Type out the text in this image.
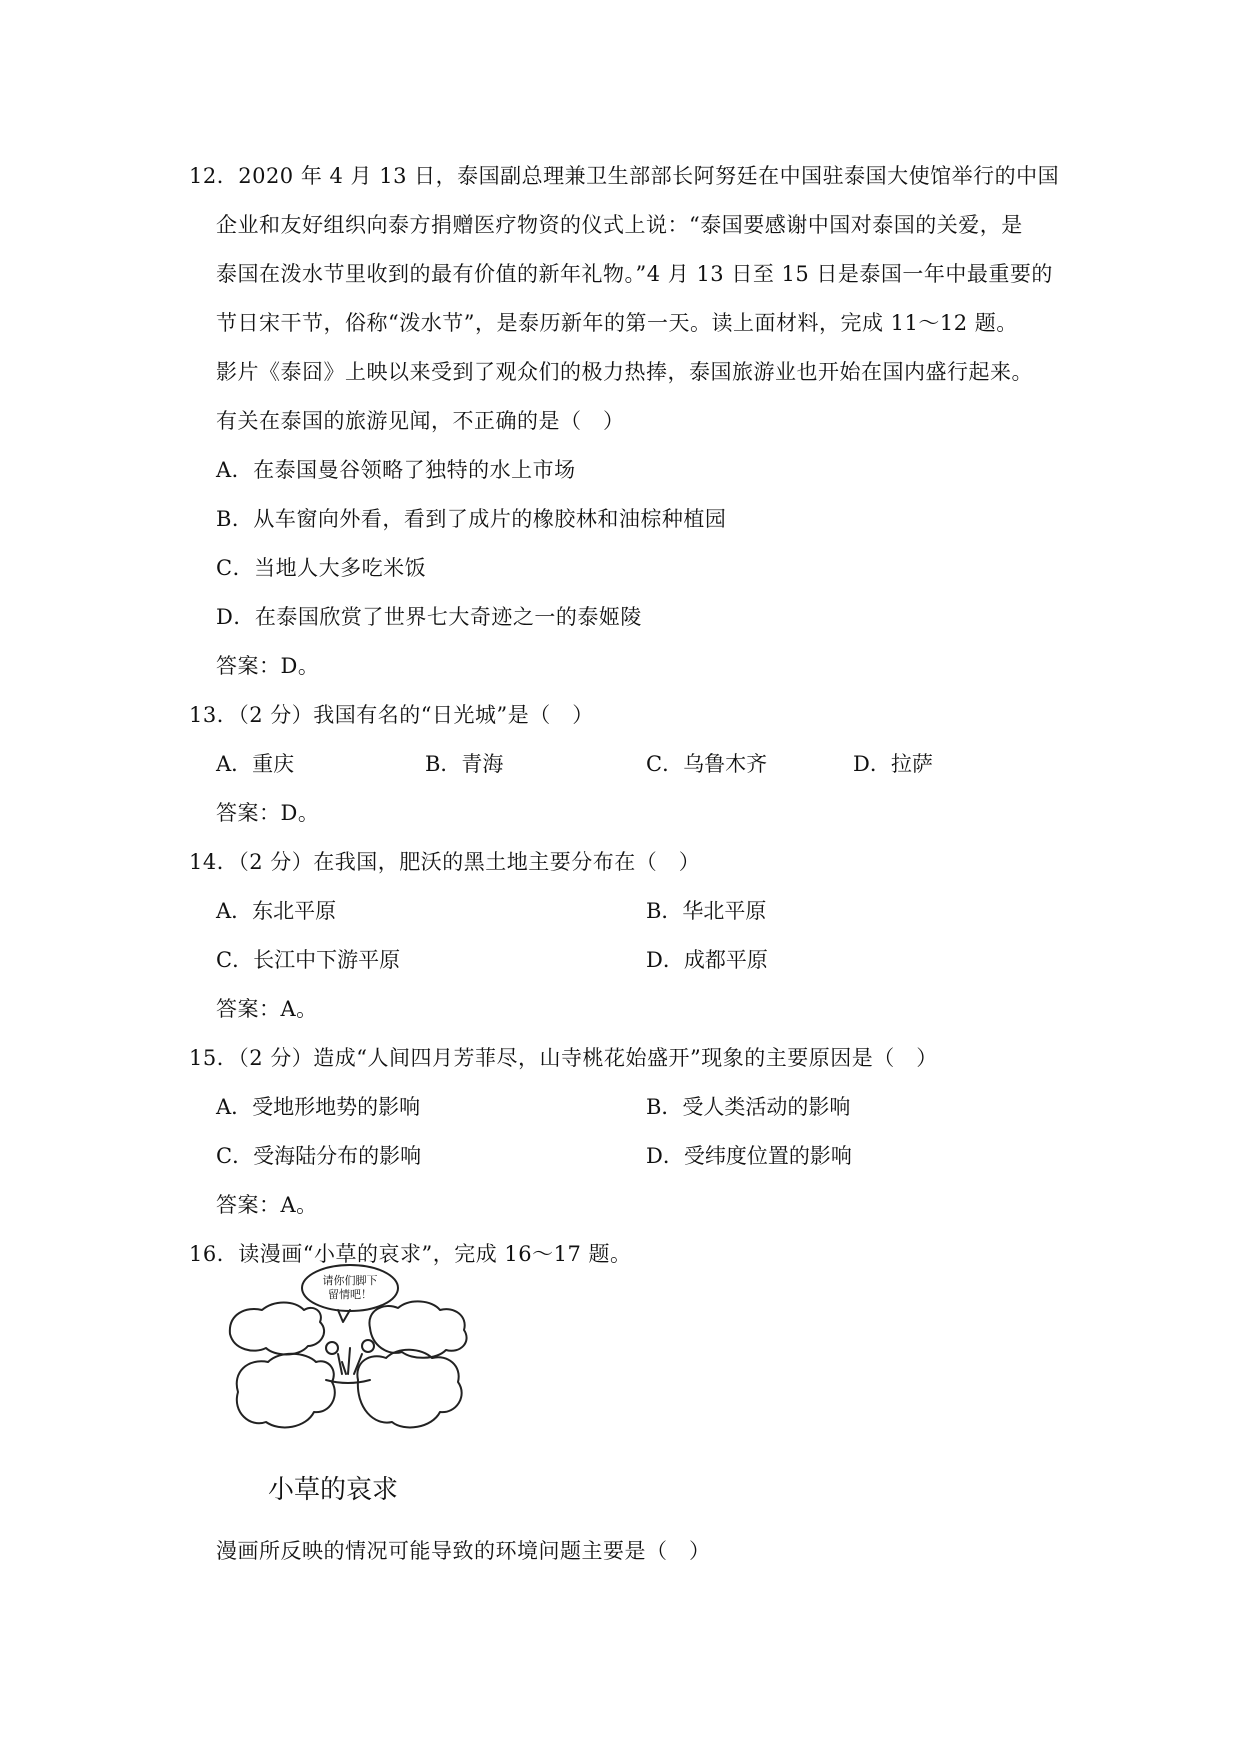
12．2020 年 4 月 13 日，泰国副总理兼卫生部部长阿努廷在中国驻泰国大使馆举行的中国
企业和友好组织向泰方捐赠医疗物资的仪式上说：“泰国要感谢中国对泰国的关爱，是
泰国在泼水节里收到的最有价值的新年礼物。”4 月 13 日至 15 日是泰国一年中最重要的
节日宋干节，俗称“泼水节”，是泰历新年的第一天。读上面材料，完成 11～12 题。
影片《泰囧》上映以来受到了观众们的极力热捧，泰国旅游业也开始在国内盛行起来。
有关在泰国的旅游见闻，不正确的是（　）
A．在泰国曼谷领略了独特的水上市场
B．从车窗向外看，看到了成片的橡胶林和油棕种植园
C．当地人大多吃米饭
D．在泰国欣赏了世界七大奇迹之一的泰姬陵
答案：D。
13．（2 分）我国有名的“日光城”是（　）
A．重庆	B．青海	C．乌鲁木齐	D．拉萨
答案：D。
14．（2 分）在我国，肥沃的黑土地主要分布在（　）
A．东北平原	B．华北平原
C．长江中下游平原	D．成都平原
答案：A。
15．（2 分）造成“人间四月芳菲尽，山寺桃花始盛开”现象的主要原因是（　）
A．受地形地势的影响	B．受人类活动的影响
C．受海陆分布的影响	D．受纬度位置的影响
答案：A。
16．读漫画“小草的哀求”，完成 16～17 题。
请你们脚下
留情吧！
小草的哀求
漫画所反映的情况可能导致的环境问题主要是（　）
